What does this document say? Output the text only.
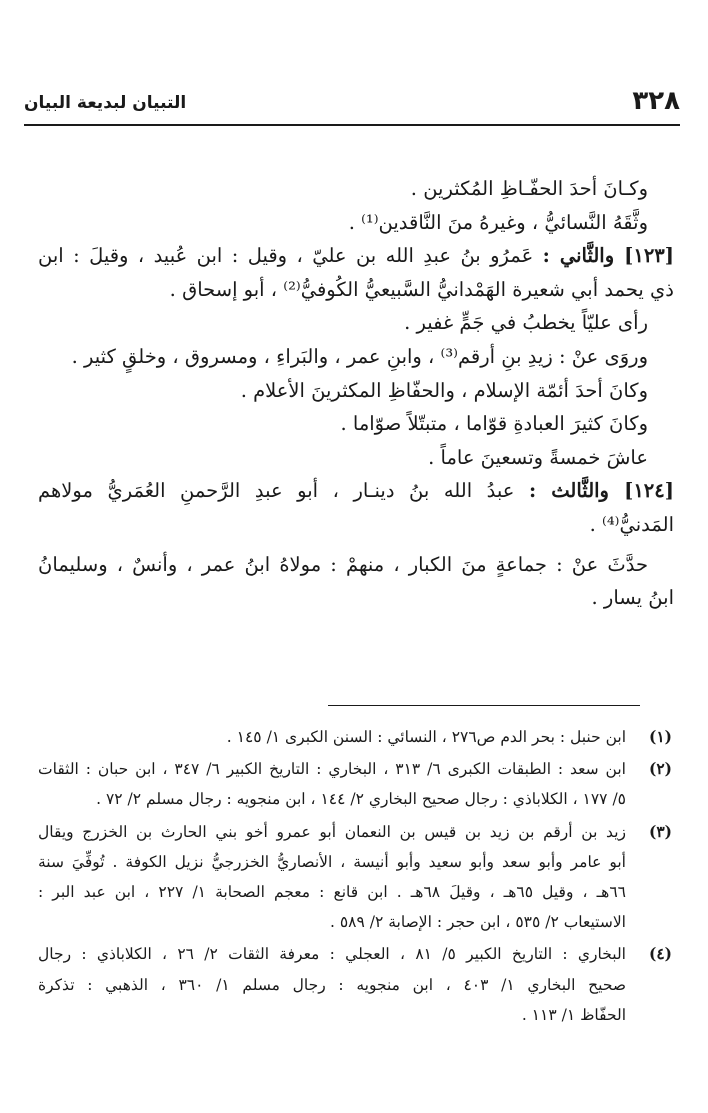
٣٢٨
التبيان لبديعة البيان

وكـانَ أحدَ الحفّـاظِ المُكثرين .

وثَّقَهُ النَّسائيُّ ، وغيرهُ منَ النَّاقدين⁽¹⁾ .

[١٢٣] والثَّاني : عَمرُو بنُ عبدِ الله بن عليّ ، وقيل : ابن عُبيد ، وقيلَ : ابن

ذي يحمد أبي شعيرة الهَمْدانيُّ السَّبيعيُّ الكُوفيُّ⁽²⁾ ، أبو إسحاق .

رأى عليّاً يخطبُ في جَمٍّ غفير .

وروَى عنْ : زيدِ بنِ أرقم⁽³⁾ ، وابنِ عمر ، والبَراءِ ، ومسروق ، وخلقٍ كثير .

وكانَ أحدَ أئمّة الإسلام ، والحفّاظِ المكثرينَ الأعلام .

وكانَ كثيرَ العبادةِ قوّاما ، متبتّلاً صوّاما .

عاشَ خمسةً وتسعينَ عاماً .

[١٢٤] والثَّالث : عبدُ الله بنُ دينـار ، أبو عبدِ الرَّحمنِ العُمَريُّ مولاهم

المَدنيُّ⁽⁴⁾ .

حدَّثَ عنْ : جماعةٍ منَ الكبار ، منهمْ : مولاهُ ابنُ عمر ، وأنسٌ ، وسليمانُ

ابنُ يسار .

(١)
ابن حنبل : بحر الدم ص٢٧٦ ، النسائي : السنن الكبرى ١/ ١٤٥ .
(٢)
ابن سعد : الطبقات الكبرى ٦/ ٣١٣ ، البخاري : التاريخ الكبير ٦/ ٣٤٧ ، ابن حبان : الثقات
٥/ ١٧٧ ، الكلاباذي : رجال صحيح البخاري ٢/ ١٤٤ ، ابن منجويه : رجال مسلم ٢/ ٧٢ .
(٣)
زيد بن أرقم بن زيد بن قيس بن النعمان أبو عمرو أخو بني الحارث بن الخزرج ويقال
أبو عامر وأبو سعد وأبو سعيد وأبو أنيسة ، الأنصاريُّ الخزرجيُّ نزيل الكوفة . تُوفِّيَ سنة
٦٦هـ ، وقيل ٦٥هـ ، وقيلَ ٦٨هـ . ابن قانع : معجم الصحابة ١/ ٢٢٧ ، ابن عبد البر :
الاستيعاب ٢/ ٥٣٥ ، ابن حجر : الإصابة ٢/ ٥٨٩ .
(٤)
البخاري : التاريخ الكبير ٥/ ٨١ ، العجلي : معرفة الثقات ٢/ ٢٦ ، الكلاباذي : رجال
صحيح البخاري ١/ ٤٠٣ ، ابن منجويه : رجال مسلم ١/ ٣٦٠ ، الذهبي : تذكرة
الحفّاظ ١/ ١١٣ .
